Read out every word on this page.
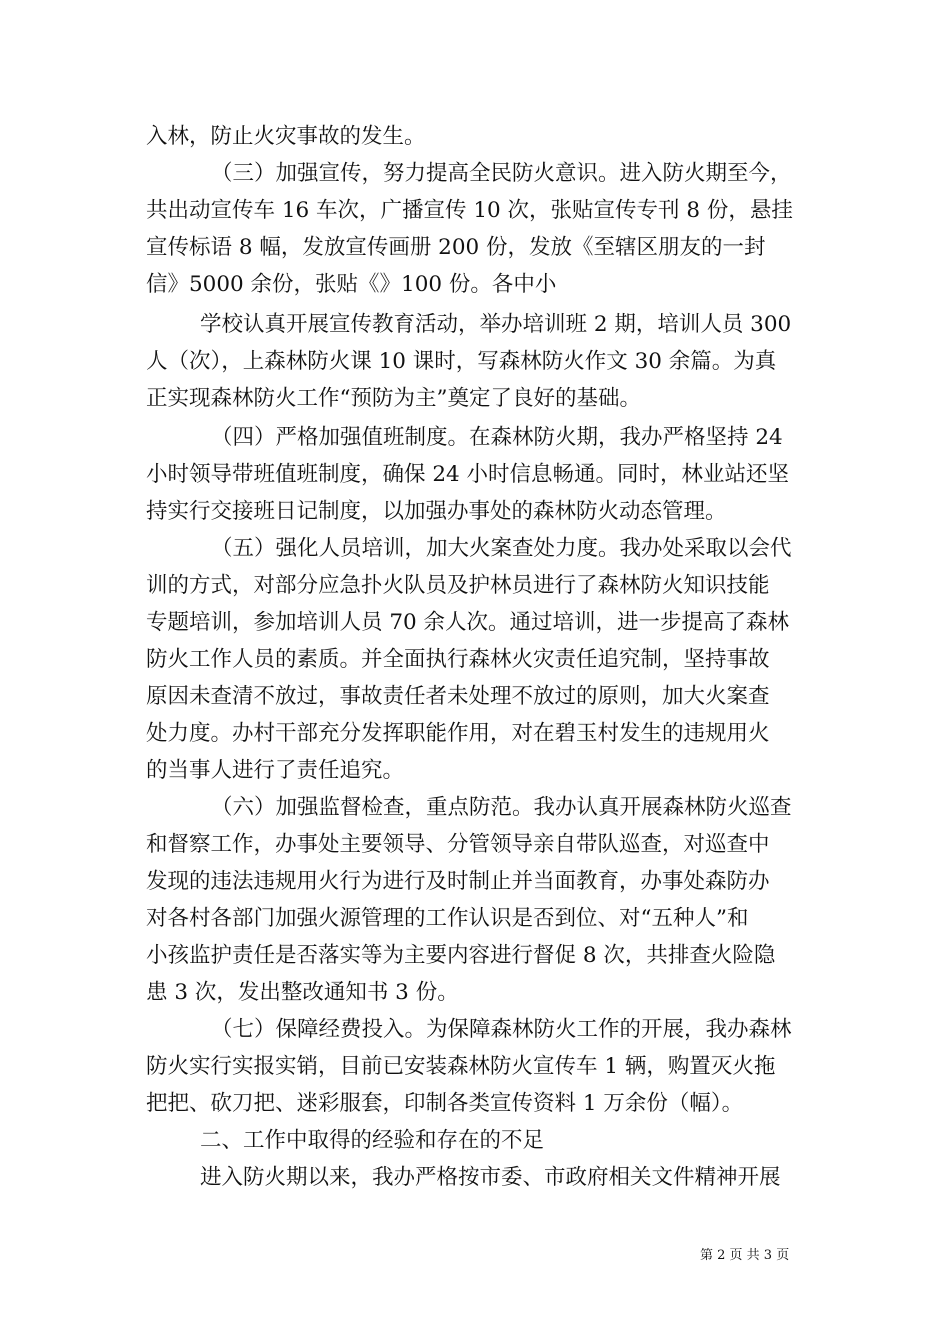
入林，防止火灾事故的发生。
（三）加强宣传，努力提高全民防火意识。进入防火期至今，
共出动宣传车 16 车次，广播宣传 10 次，张贴宣传专刊 8 份，悬挂
宣传标语 8 幅，发放宣传画册 200 份，发放《至辖区朋友的一封
信》5000 余份，张贴《》100 份。各中小
学校认真开展宣传教育活动，举办培训班 2 期，培训人员 300
人（次），上森林防火课 10 课时，写森林防火作文 30 余篇。为真
正实现森林防火工作“预防为主”奠定了良好的基础。
（四）严格加强值班制度。在森林防火期，我办严格坚持 24
小时领导带班值班制度，确保 24 小时信息畅通。同时，林业站还坚
持实行交接班日记制度，以加强办事处的森林防火动态管理。
（五）强化人员培训，加大火案查处力度。我办处采取以会代
训的方式，对部分应急扑火队员及护林员进行了森林防火知识技能
专题培训，参加培训人员 70 余人次。通过培训，进一步提高了森林
防火工作人员的素质。并全面执行森林火灾责任追究制，坚持事故
原因未查清不放过，事故责任者未处理不放过的原则，加大火案查
处力度。办村干部充分发挥职能作用，对在碧玉村发生的违规用火
的当事人进行了责任追究。
（六）加强监督检查，重点防范。我办认真开展森林防火巡查
和督察工作，办事处主要领导、分管领导亲自带队巡查，对巡查中
发现的违法违规用火行为进行及时制止并当面教育，办事处森防办
对各村各部门加强火源管理的工作认识是否到位、对“五种人”和
小孩监护责任是否落实等为主要内容进行督促 8 次，共排查火险隐
患 3 次，发出整改通知书 3 份。
（七）保障经费投入。为保障森林防火工作的开展，我办森林
防火实行实报实销，目前已安装森林防火宣传车 1 辆，购置灭火拖
把把、砍刀把、迷彩服套，印制各类宣传资料 1 万余份（幅）。
二、工作中取得的经验和存在的不足
进入防火期以来，我办严格按市委、市政府相关文件精神开展
第 2 页 共 3 页
